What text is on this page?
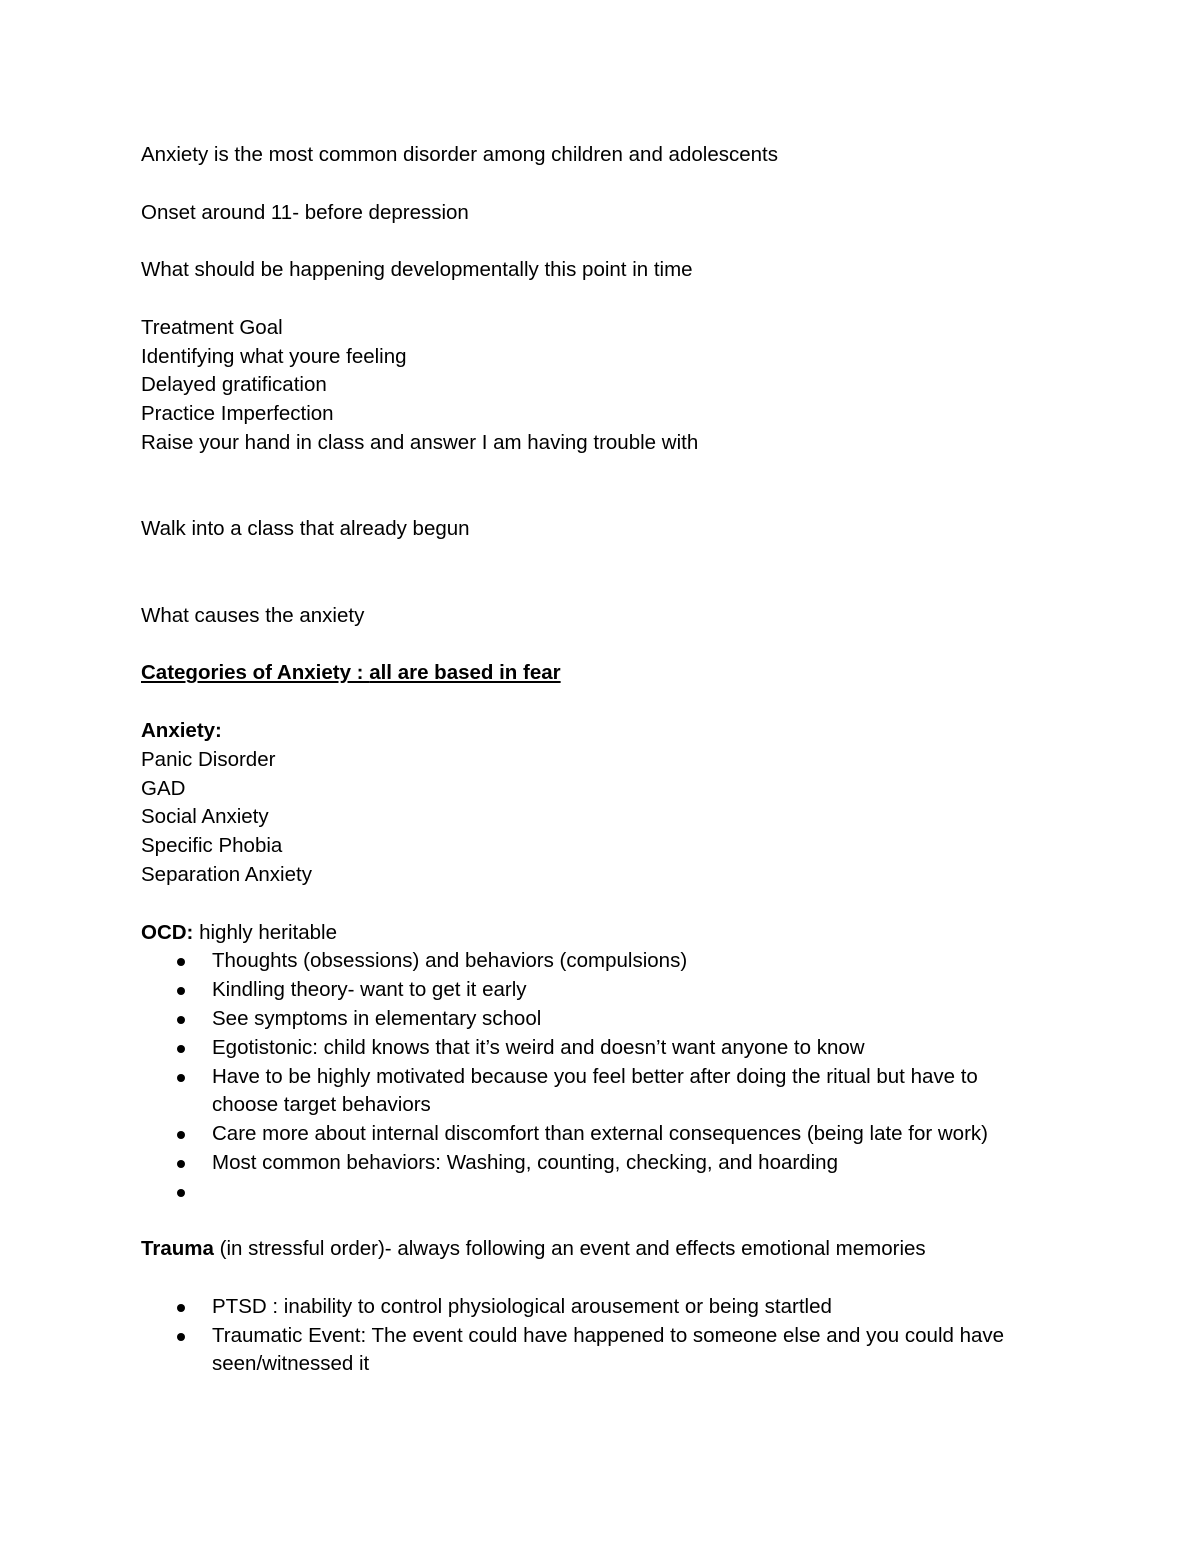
Anxiety is the most common disorder among children and adolescents

Onset around 11- before depression

What should be happening developmentally this point in time

Treatment Goal

Identifying what youre feeling

Delayed gratification

Practice Imperfection

Raise your hand in class and answer I am having trouble with

Walk into a class that already begun

What causes the anxiety

Categories of Anxiety : all are based in fear

Anxiety:

Panic Disorder

GAD

Social Anxiety

Specific Phobia

Separation Anxiety

OCD: highly heritable

Thoughts (obsessions) and behaviors (compulsions)
Kindling theory- want to get it early
See symptoms in elementary school
Egotistonic: child knows that it’s weird and doesn’t want anyone to know
Have to be highly motivated because you feel better after doing the ritual but have to choose target behaviors
Care more about internal discomfort than external consequences (being late for work)
Most common behaviors: Washing, counting, checking, and hoarding

Trauma (in stressful order)- always following an event and effects emotional memories

PTSD : inability to control physiological arousement or being startled
Traumatic Event: The event could have happened to someone else and you could have seen/witnessed it
